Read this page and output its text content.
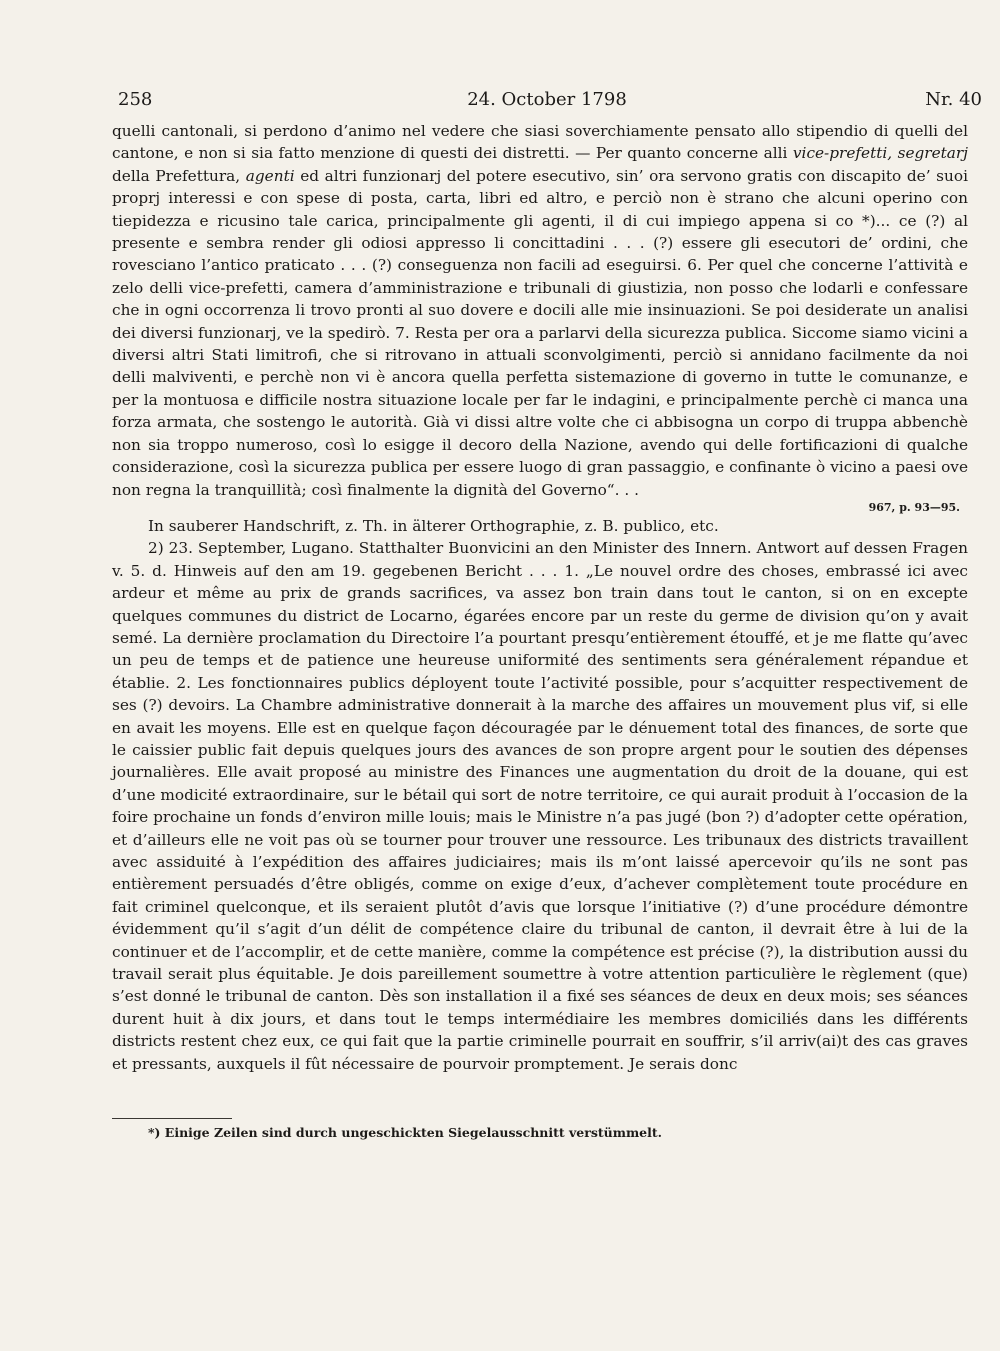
258	24. October 1798	Nr. 40

quelli cantonali, si perdono d’animo nel vedere che siasi soverchiamente pensato allo stipendio di quelli del cantone, e non si sia fatto menzione di questi dei distretti. — Per quanto concerne alli vice-prefetti, segretarj della Prefettura, agenti ed altri funzionarj del potere esecutivo, sin’ ora servono gratis con discapito de’ suoi proprj interessi e con spese di posta, carta, libri ed altro, e perciò non è strano che alcuni operino con tiepidezza e ricusino tale carica, principalmente gli agenti, il di cui impiego appena si co *)... ce (?) al presente e sembra render gli odiosi appresso li concittadini . . . (?) essere gli esecutori de’ ordini, che rovesciano l’antico praticato . . . (?) conseguenza non facili ad eseguirsi. 6. Per quel che concerne l’attività e zelo delli vice-prefetti, camera d’amministrazione e tribunali di giustizia, non posso che lodarli e confessare che in ogni occorrenza li trovo pronti al suo dovere e docili alle mie insinuazioni. Se poi desiderate un analisi dei diversi funzionarj, ve la spedirò. 7. Resta per ora a parlarvi della sicurezza publica. Siccome siamo vicini a diversi altri Stati limitrofi, che si ritrovano in attuali sconvolgimenti, perciò si annidano facilmente da noi delli malviventi, e perchè non vi è ancora quella perfetta sistemazione di governo in tutte le comunanze, e per la montuosa e difficile nostra situazione locale per far le indagini, e principalmente perchè ci manca una forza armata, che sostengo le autorità. Già vi dissi altre volte che ci abbisogna un corpo di truppa abbenchè non sia troppo numeroso, così lo esigge il decoro della Nazione, avendo qui delle fortificazioni di qualche considerazione, così la sicurezza publica per essere luogo di gran passaggio, e confinante ò vicino a paesi ove non regna la tranquillità; così finalmente la dignità del Governo“. . .

967, p. 93—95.

In sauberer Handschrift, z. Th. in älterer Orthographie, z. B. publico, etc.

2) 23. September, Lugano. Statthalter Buonvicini an den Minister des Innern. Antwort auf dessen Fragen v. 5. d. Hinweis auf den am 19. gegebenen Bericht . . . 1. „Le nouvel ordre des choses, embrassé ici avec ardeur et même au prix de grands sacrifices, va assez bon train dans tout le canton, si on en excepte quelques communes du district de Locarno, égarées encore par un reste du germe de division qu’on y avait semé. La dernière proclamation du Directoire l’a pourtant presqu’entièrement étouffé, et je me flatte qu’avec un peu de temps et de patience une heureuse uniformité des sentiments sera généralement répandue et établie. 2. Les fonctionnaires publics déployent toute l’activité possible, pour s’acquitter respectivement de ses (?) devoirs. La Chambre administrative donnerait à la marche des affaires un mouvement plus vif, si elle en avait les moyens. Elle est en quelque façon découragée par le dénuement total des finances, de sorte que le caissier public fait depuis quelques jours des avances de son propre argent pour le soutien des dépenses journalières. Elle avait proposé au ministre des Finances une augmentation du droit de la douane, qui est d’une modicité extraordinaire, sur le bétail qui sort de notre territoire, ce qui aurait produit à l’occasion de la foire prochaine un fonds d’environ mille louis; mais le Ministre n’a pas jugé (bon ?) d’adopter cette opération, et d’ailleurs elle ne voit pas où se tourner pour trouver une ressource. Les tribunaux des districts travaillent avec assiduité à l’expédition des affaires judiciaires; mais ils m’ont laissé apercevoir qu’ils ne sont pas entièrement persuadés d’être obligés, comme on exige d’eux, d’achever complètement toute procédure en fait criminel quelconque, et ils seraient plutôt d’avis que lorsque l’initiative (?) d’une procédure démontre évidemment qu’il s’agit d’un délit de compétence claire du tribunal de canton, il devrait être à lui de la continuer et de l’accomplir, et de cette manière, comme la compétence est précise (?), la distribution aussi du travail serait plus équitable. Je dois pareillement soumettre à votre attention particulière le règlement (que) s’est donné le tribunal de canton. Dès son installation il a fixé ses séances de deux en deux mois; ses séances durent huit à dix jours, et dans tout le temps intermédiaire les membres domiciliés dans les différents districts restent chez eux, ce qui fait que la partie criminelle pourrait en souffrir, s’il arriv(ai)t des cas graves et pressants, auxquels il fût nécessaire de pourvoir promptement. Je serais donc

*) Einige Zeilen sind durch ungeschickten Siegelausschnitt verstümmelt.
